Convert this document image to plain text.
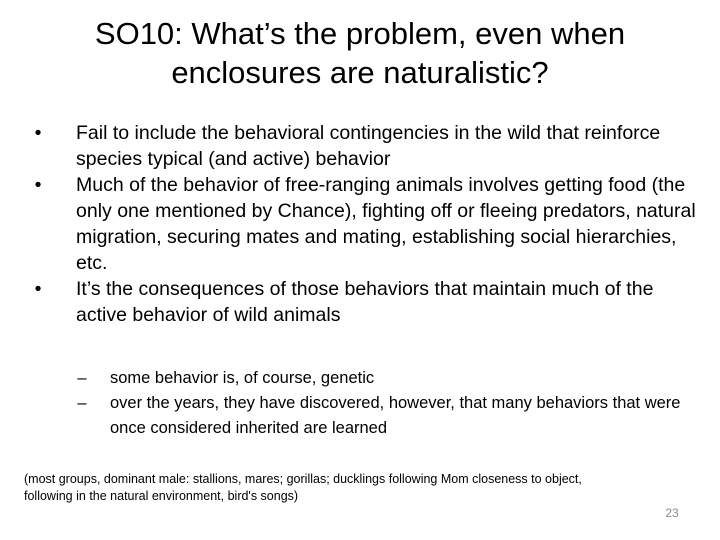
SO10: What’s the problem, even when enclosures are naturalistic?
•	Fail to include the behavioral contingencies in the wild that reinforce species typical (and active) behavior
•	Much of the behavior of free-ranging animals involves getting food (the only one mentioned by Chance), fighting off or fleeing predators, natural migration, securing mates and mating, establishing social hierarchies, etc.
•	It’s the consequences of those behaviors that maintain much of the active behavior of wild animals
–	some behavior is, of course, genetic
–	over the years, they have discovered, however, that many behaviors that were once considered inherited are learned
(most groups, dominant male: stallions, mares; gorillas; ducklings following Mom closeness to object, following in the natural environment, bird's songs)
23
